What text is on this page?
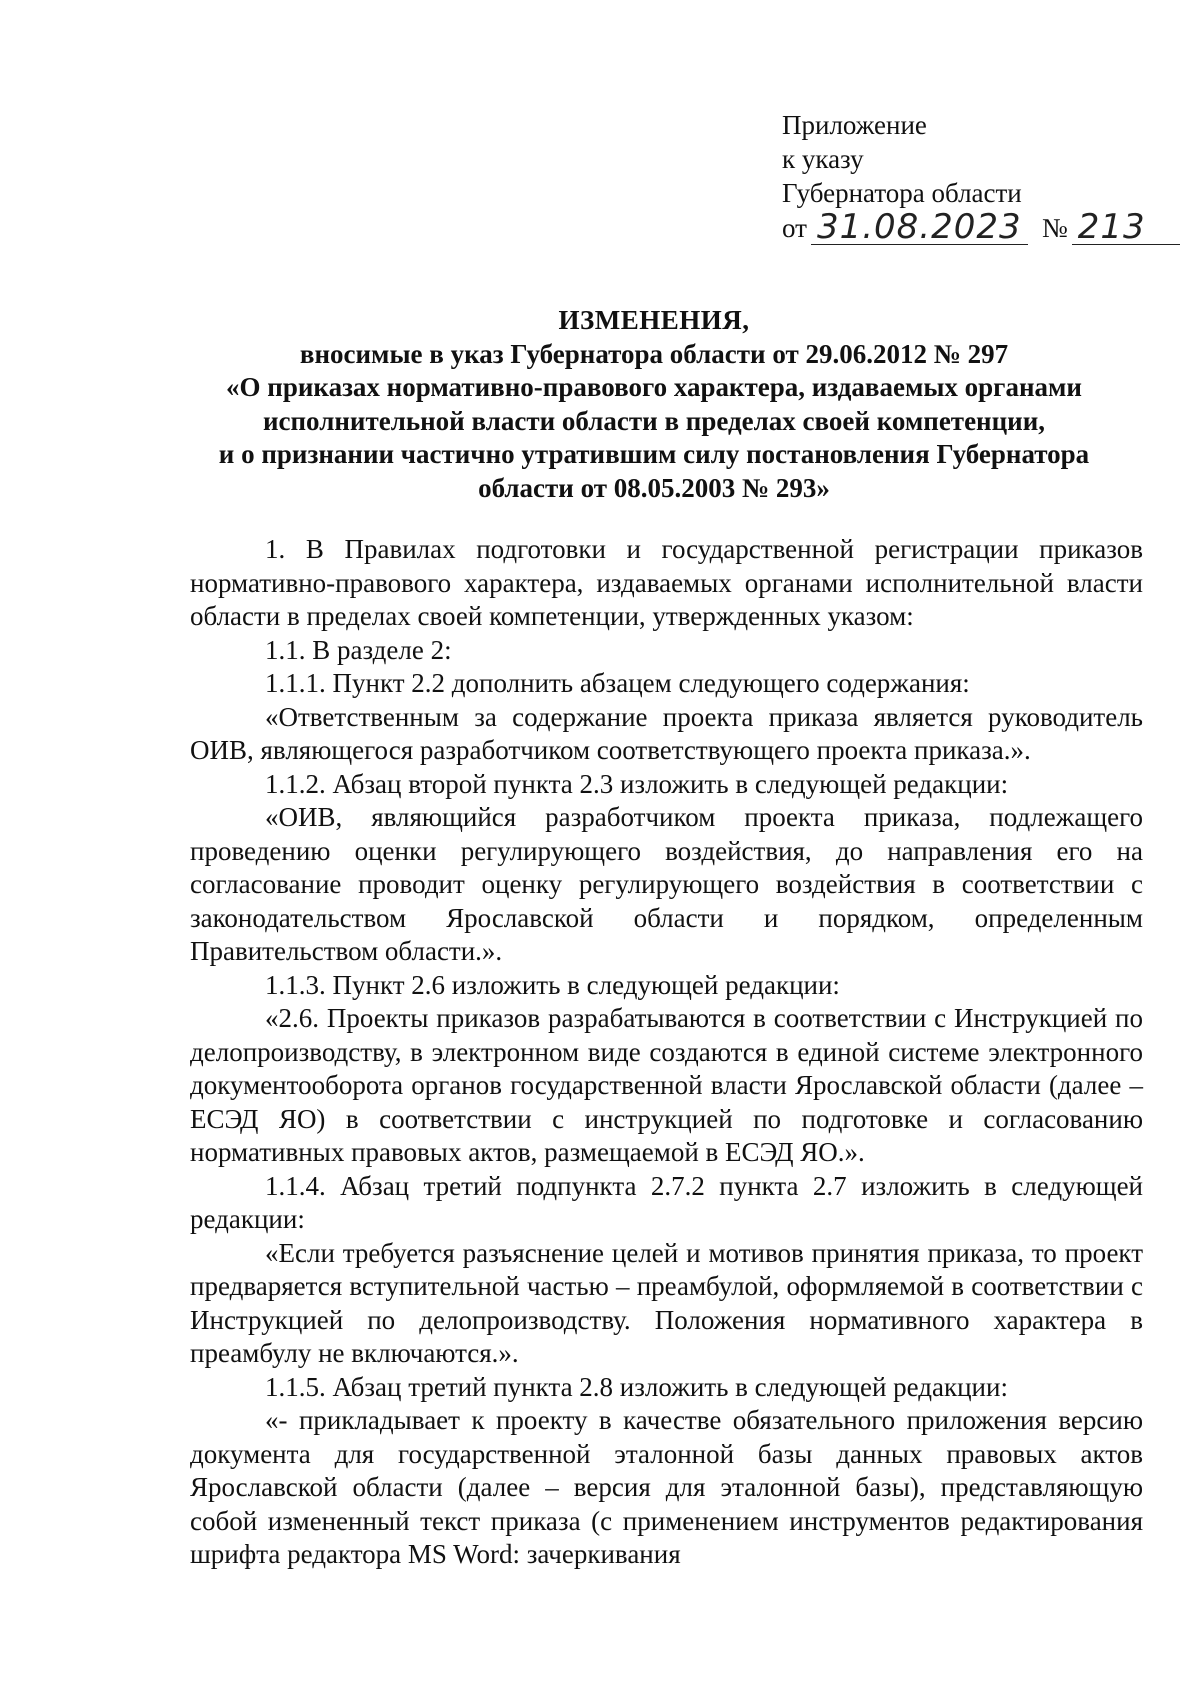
Приложение
к указу
Губернатора области
от 31.08.2023 № 213
ИЗМЕНЕНИЯ,
вносимые в указ Губернатора области от 29.06.2012 № 297
«О приказах нормативно-правового характера, издаваемых органами
исполнительной власти области в пределах своей компетенции,
и о признании частично утратившим силу постановления Губернатора
области от 08.05.2003 № 293»

1. В Правилах подготовки и государственной регистрации приказов нормативно-правового характера, издаваемых органами исполнительной власти области в пределах своей компетенции, утвержденных указом:

1.1. В разделе 2:

1.1.1. Пункт 2.2 дополнить абзацем следующего содержания:

«Ответственным за содержание проекта приказа является руководитель ОИВ, являющегося разработчиком соответствующего проекта приказа.».

1.1.2. Абзац второй пункта 2.3 изложить в следующей редакции:

«ОИВ, являющийся разработчиком проекта приказа, подлежащего проведению оценки регулирующего воздействия, до направления его на согласование проводит оценку регулирующего воздействия в соответствии с законодательством Ярославской области и порядком, определенным Правительством области.».

1.1.3. Пункт 2.6 изложить в следующей редакции:

«2.6. Проекты приказов разрабатываются в соответствии с Инструкцией по делопроизводству, в электронном виде создаются в единой системе электронного документооборота органов государственной власти Ярославской области (далее – ЕСЭД ЯО) в соответствии с инструкцией по подготовке и согласованию нормативных правовых актов, размещаемой в ЕСЭД ЯО.».

1.1.4. Абзац третий подпункта 2.7.2 пункта 2.7 изложить в следующей редакции:

«Если требуется разъяснение целей и мотивов принятия приказа, то проект предваряется вступительной частью – преамбулой, оформляемой в соответствии с Инструкцией по делопроизводству. Положения нормативного характера в преамбулу не включаются.».

1.1.5. Абзац третий пункта 2.8 изложить в следующей редакции:

«- прикладывает к проекту в качестве обязательного приложения версию документа для государственной эталонной базы данных правовых актов Ярославской области (далее – версия для эталонной базы), представляющую собой измененный текст приказа (с применением инструментов редактирования шрифта редактора MS Word: зачеркивания
